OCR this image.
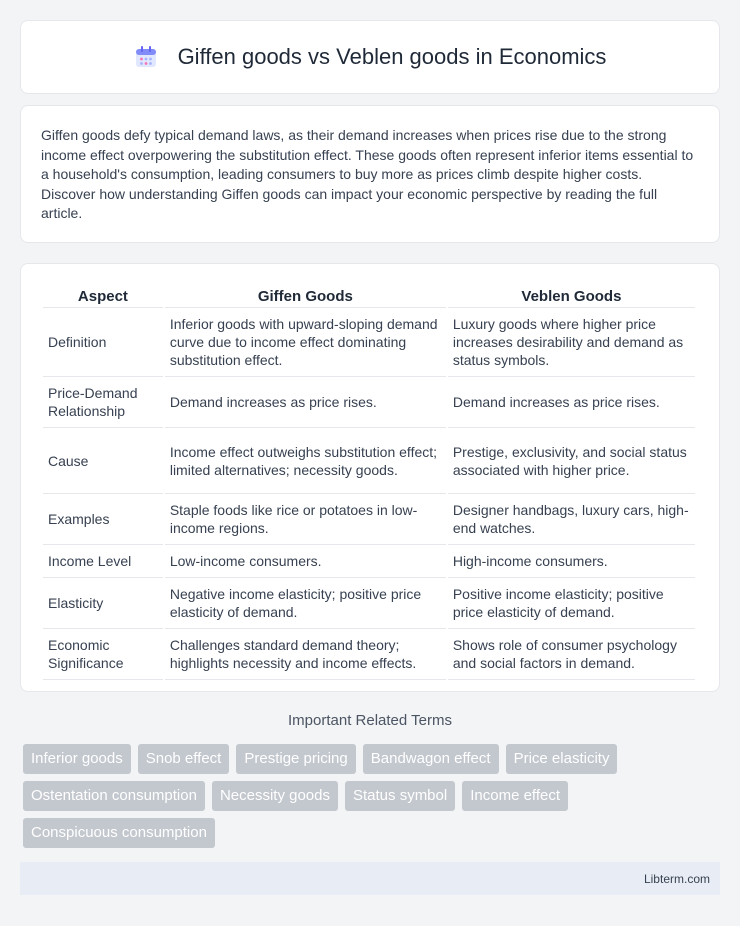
Giffen goods vs Veblen goods in Economics

Giffen goods defy typical demand laws, as their demand increases when prices rise due to the strong income effect overpowering the substitution effect. These goods often represent inferior items essential to a household's consumption, leading consumers to buy more as prices climb despite higher costs. Discover how understanding Giffen goods can impact your economic perspective by reading the full article.

Aspect	Giffen Goods	Veblen Goods
Definition	Inferior goods with upward-sloping demand curve due to income effect dominating substitution effect.	Luxury goods where higher price increases desirability and demand as status symbols.
Price-Demand Relationship	Demand increases as price rises.	Demand increases as price rises.
Cause	Income effect outweighs substitution effect; limited alternatives; necessity goods.	Prestige, exclusivity, and social status associated with higher price.
Examples	Staple foods like rice or potatoes in low-income regions.	Designer handbags, luxury cars, high-end watches.
Income Level	Low-income consumers.	High-income consumers.
Elasticity	Negative income elasticity; positive price elasticity of demand.	Positive income elasticity; positive price elasticity of demand.
Economic Significance	Challenges standard demand theory; highlights necessity and income effects.	Shows role of consumer psychology and social factors in demand.
Important Related Terms
Inferior goods	Snob effect	Prestige pricing	Bandwagon effect	Price elasticity
Ostentation consumption	Necessity goods	Status symbol	Income effect
Conspicuous consumption
Libterm.com
